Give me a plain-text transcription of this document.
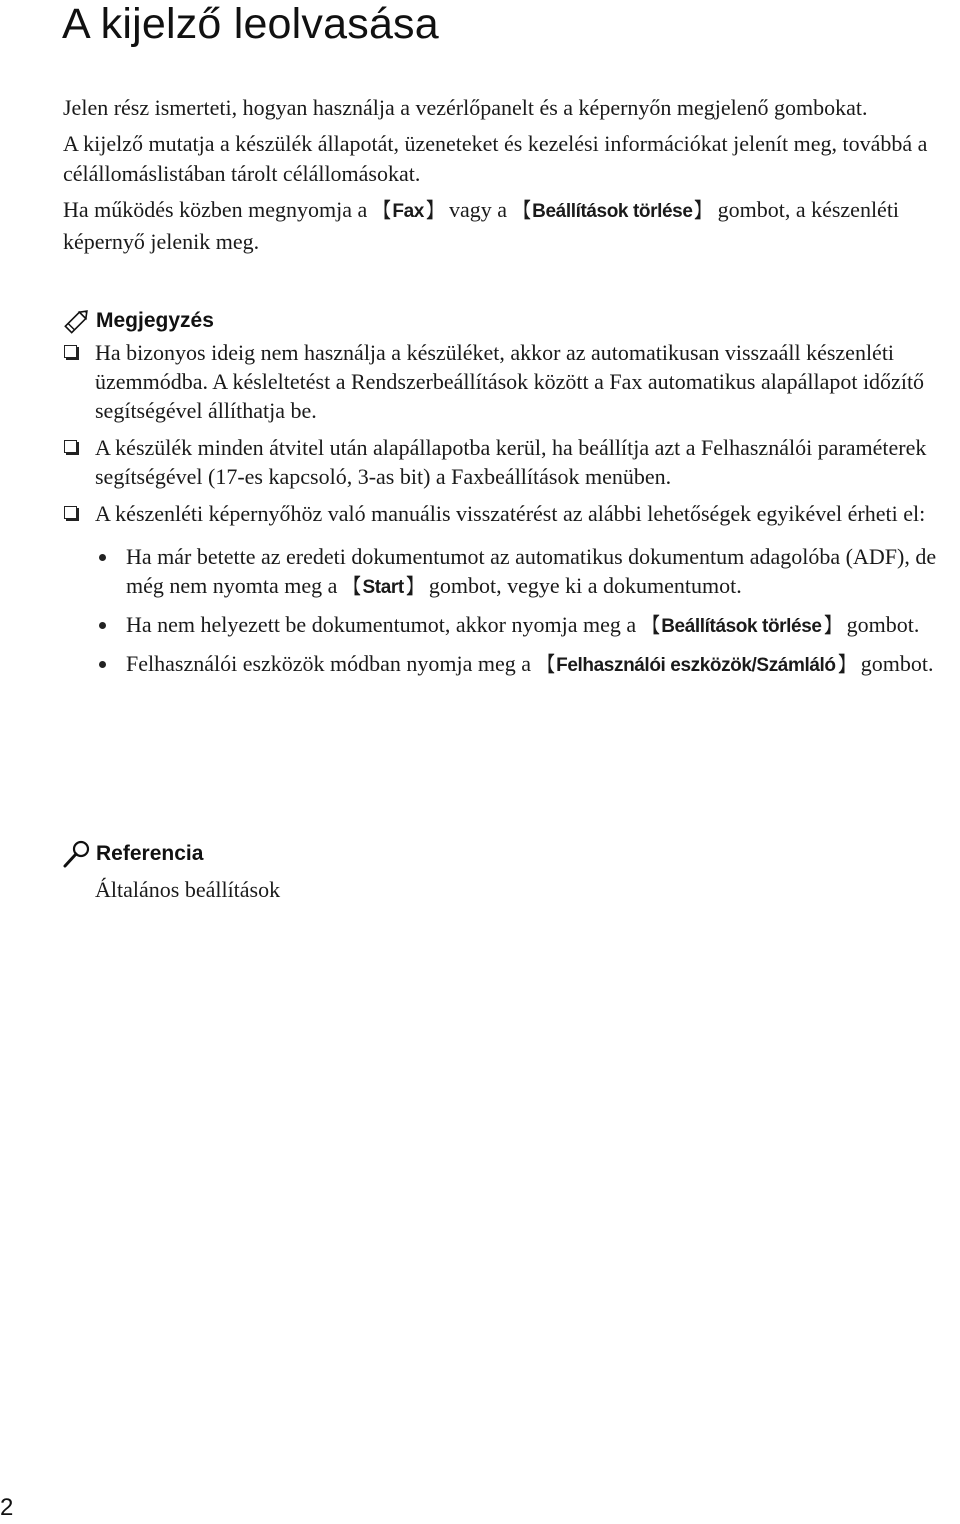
A kijelző leolvasása

Jelen rész ismerteti, hogyan használja a vezérlőpanelt és a képernyőn megjelenő gombokat.

A kijelző mutatja a készülék állapotát, üzeneteket és kezelési információkat jelenít meg, továbbá a célállomáslistában tárolt célállomásokat.

Ha működés közben megnyomja a 【 Fax 】 vagy a 【 Beállítások törlése 】 gombot, a készenléti képernyő jelenik meg.

Megjegyzés
Ha bizonyos ideig nem használja a készüléket, akkor az automatikusan visszaáll készenléti üzemmódba. A késleltetést a Rendszerbeállítások között a Fax automatikus alapállapot időzítő segítségével állíthatja be.
A készülék minden átvitel után alapállapotba kerül, ha beállítja azt a Felhasználói paraméterek segítségével (17-es kapcsoló, 3-as bit) a Faxbeállítások menüben.
A készenléti képernyőhöz való manuális visszatérést az alábbi lehetőségek egyikével érheti el:
Ha már betette az eredeti dokumentumot az automatikus dokumentum adagolóba (ADF), de még nem nyomta meg a 【 Start 】 gombot, vegye ki a dokumentumot.
Ha nem helyezett be dokumentumot, akkor nyomja meg a 【 Beállítások törlése 】 gombot.
Felhasználói eszközök módban nyomja meg a 【 Felhasználói eszközök/Számláló 】 gombot.
Referencia
Általános beállítások
2
